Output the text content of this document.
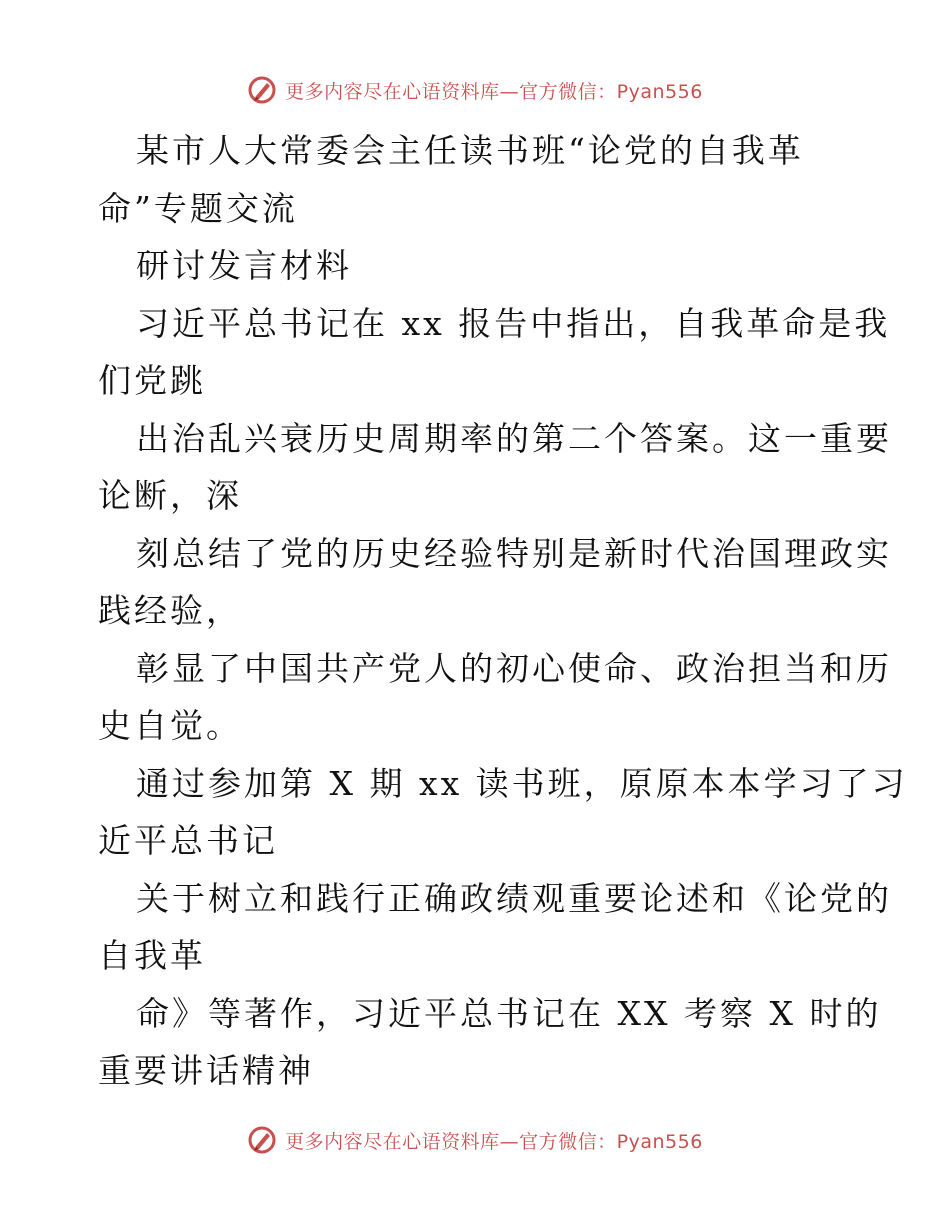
更多内容尽在心语资料库—官方微信：Pyan556

某市人大常委会主任读书班“论党的自我革

命”专题交流

研讨发言材料

习近平总书记在 xx 报告中指出，自我革命是我

们党跳

出治乱兴衰历史周期率的第二个答案。这一重要

论断，深

刻总结了党的历史经验特别是新时代治国理政实

践经验，

彰显了中国共产党人的初心使命、政治担当和历

史自觉。

通过参加第 X 期 xx 读书班，原原本本学习了习

近平总书记

关于树立和践行正确政绩观重要论述和《论党的

自我革

命》等著作，习近平总书记在 XX 考察 X 时的

重要讲话精神

更多内容尽在心语资料库—官方微信：Pyan556
